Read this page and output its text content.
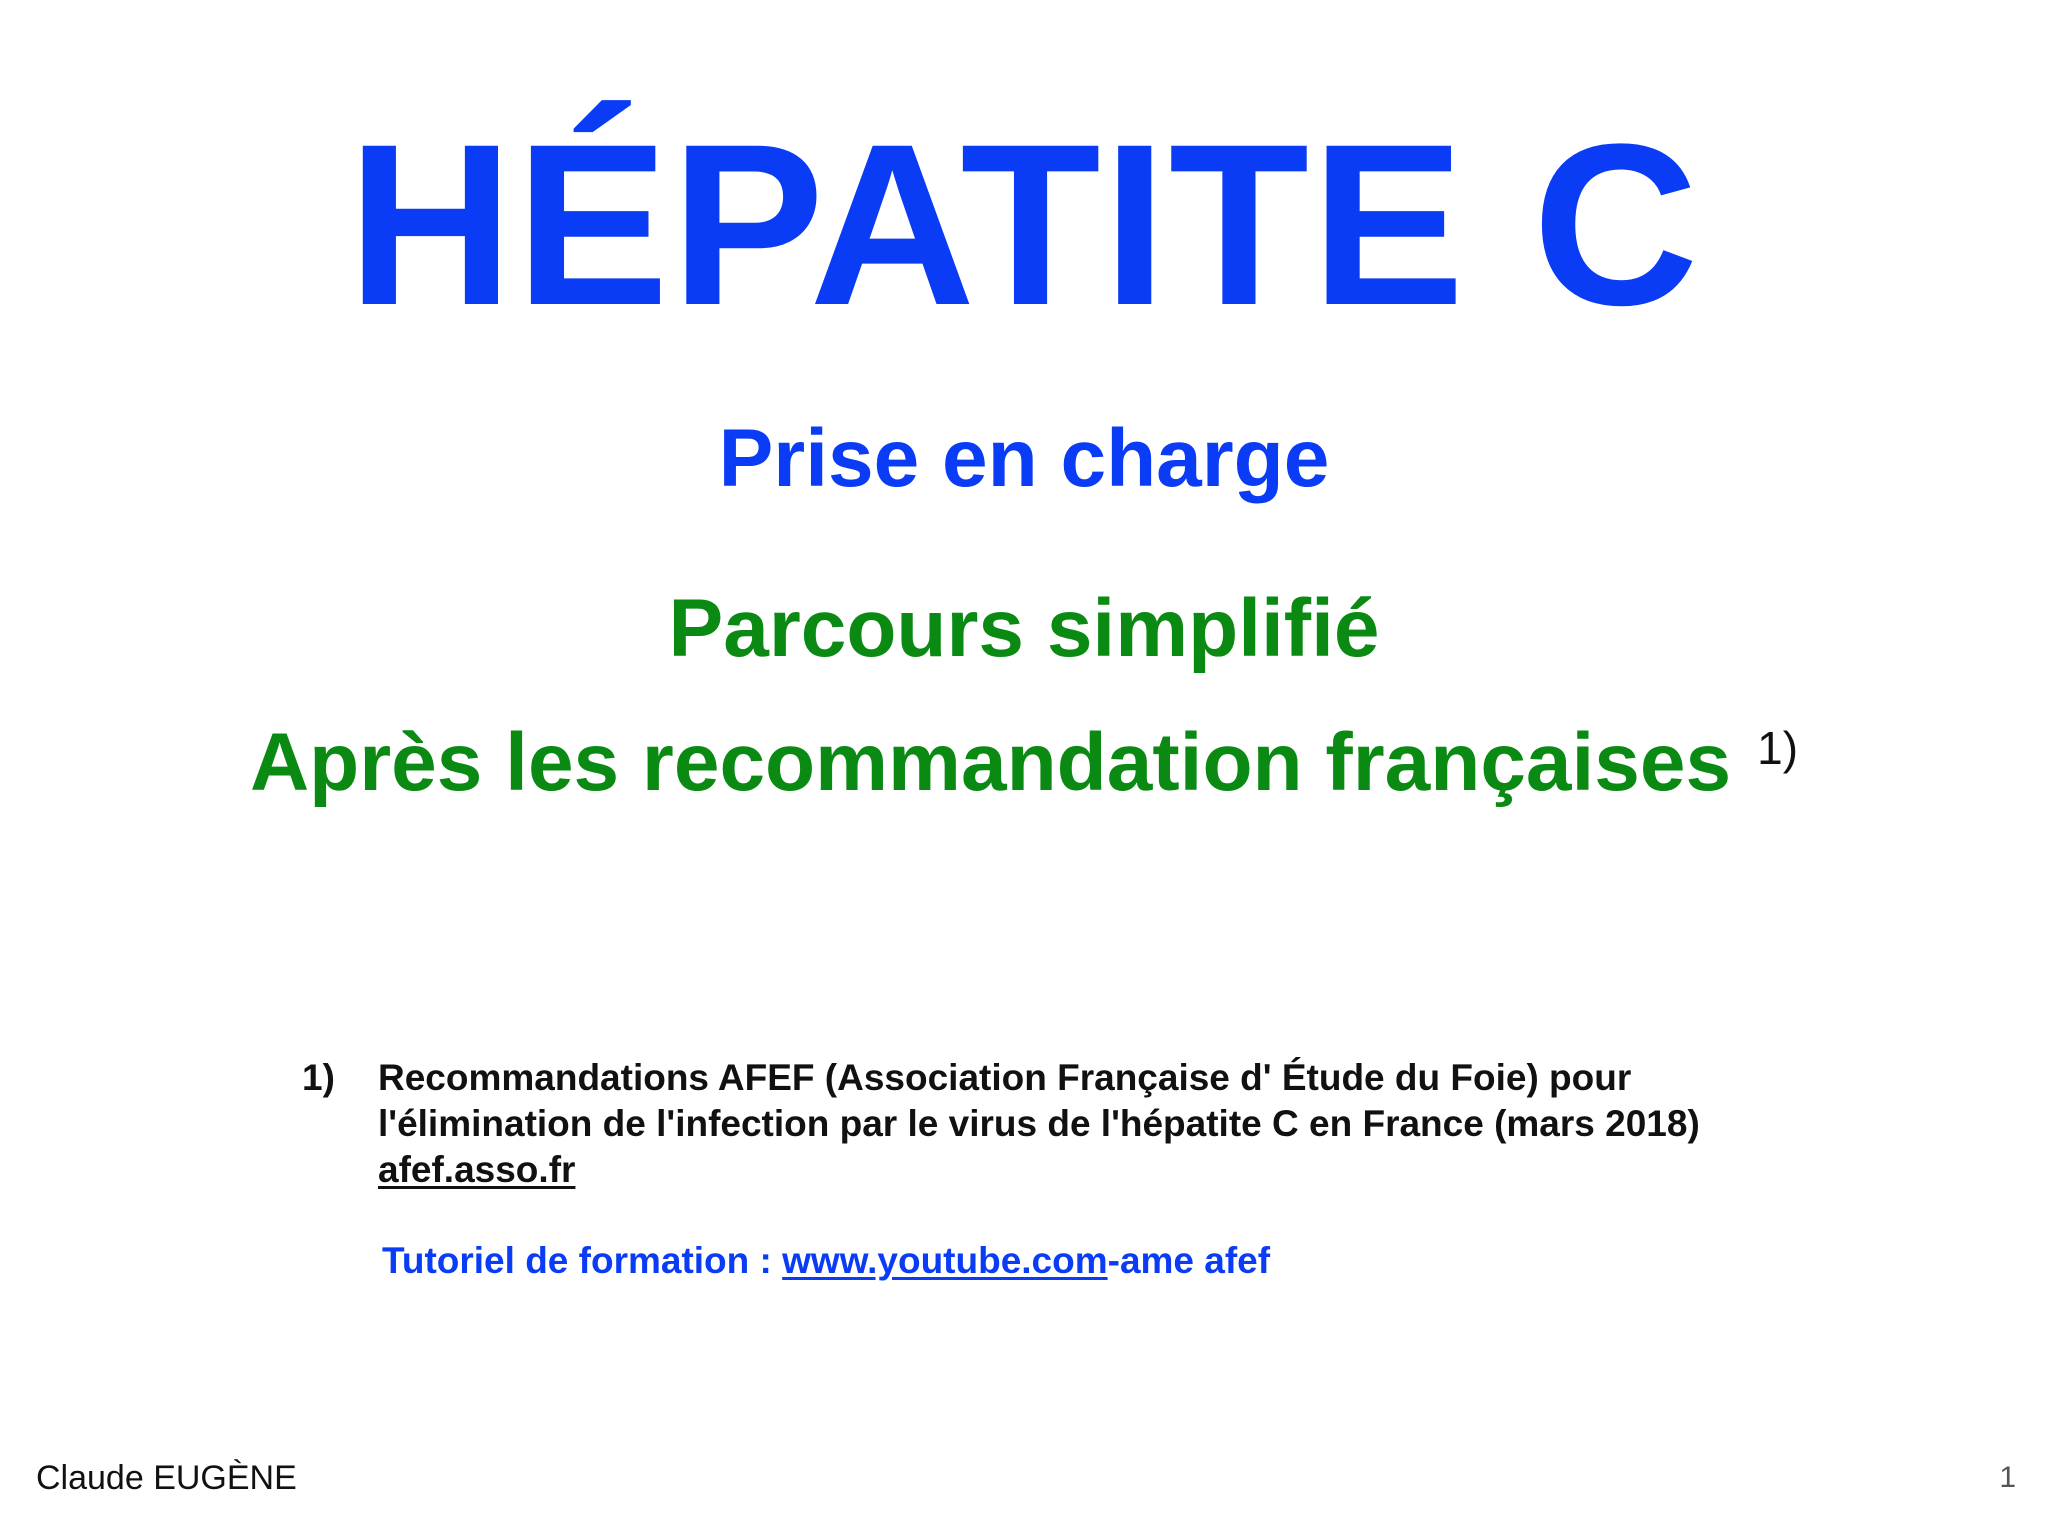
HÉPATITE C
Prise en charge
Parcours simplifié
Après les recommandation françaises $^{1)}$
1)	Recommandations AFEF (Association Française d' Étude du Foie) pour l'élimination de l'infection par le virus de l'hépatite C en France (mars 2018) afef.asso.fr
Tutoriel de formation : www.youtube.com-ame afef
Claude EUGÈNE	1
